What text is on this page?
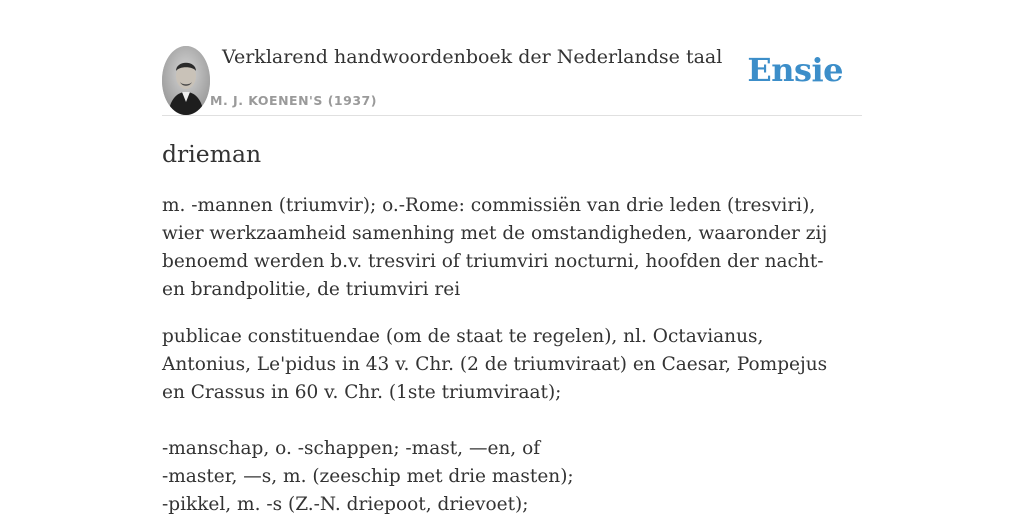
Verklarend handwoordenboek der Nederlandse taal
M. J. KOENEN'S (1937)
Ensie
drieman

m. -mannen (triumvir); o.-Rome: commissiën van drie leden (tresviri), wier werkzaamheid samenhing met de omstandigheden, waaronder zij benoemd werden b.v. tresviri of triumviri nocturni, hoofden der nacht- en brandpolitie, de triumviri rei

publicae constituendae (om de staat te regelen), nl. Octavianus, Antonius, Le'pidus in 43 v. Chr. (2 de triumviraat) en Caesar, Pompejus en Crassus in 60 v. Chr. (1ste triumviraat);

-manschap, o. -schappen; -mast, —en, of
-master, —s, m. (zeeschip met drie masten);
-pikkel, m. -s (Z.-N. driepoot, drievoet);
